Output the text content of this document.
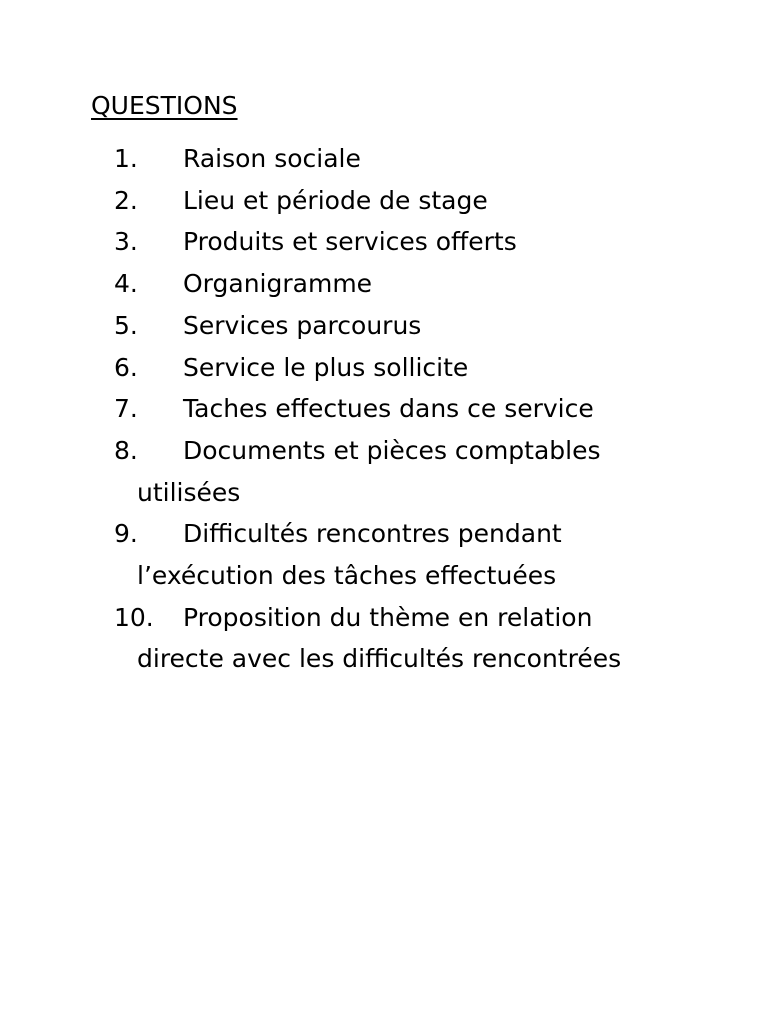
QUESTIONS
1.	Raison sociale
2.	Lieu et période de stage
3.	Produits et services offerts
4.	Organigramme
5.	Services parcourus
6.	Service le plus sollicite
7.	Taches effectues dans ce service
8.	Documents et pièces comptables
utilisées
9.	Difficultés rencontres pendant
l’exécution des tâches effectuées
10.	Proposition du thème en relation
directe avec les difficultés rencontrées
